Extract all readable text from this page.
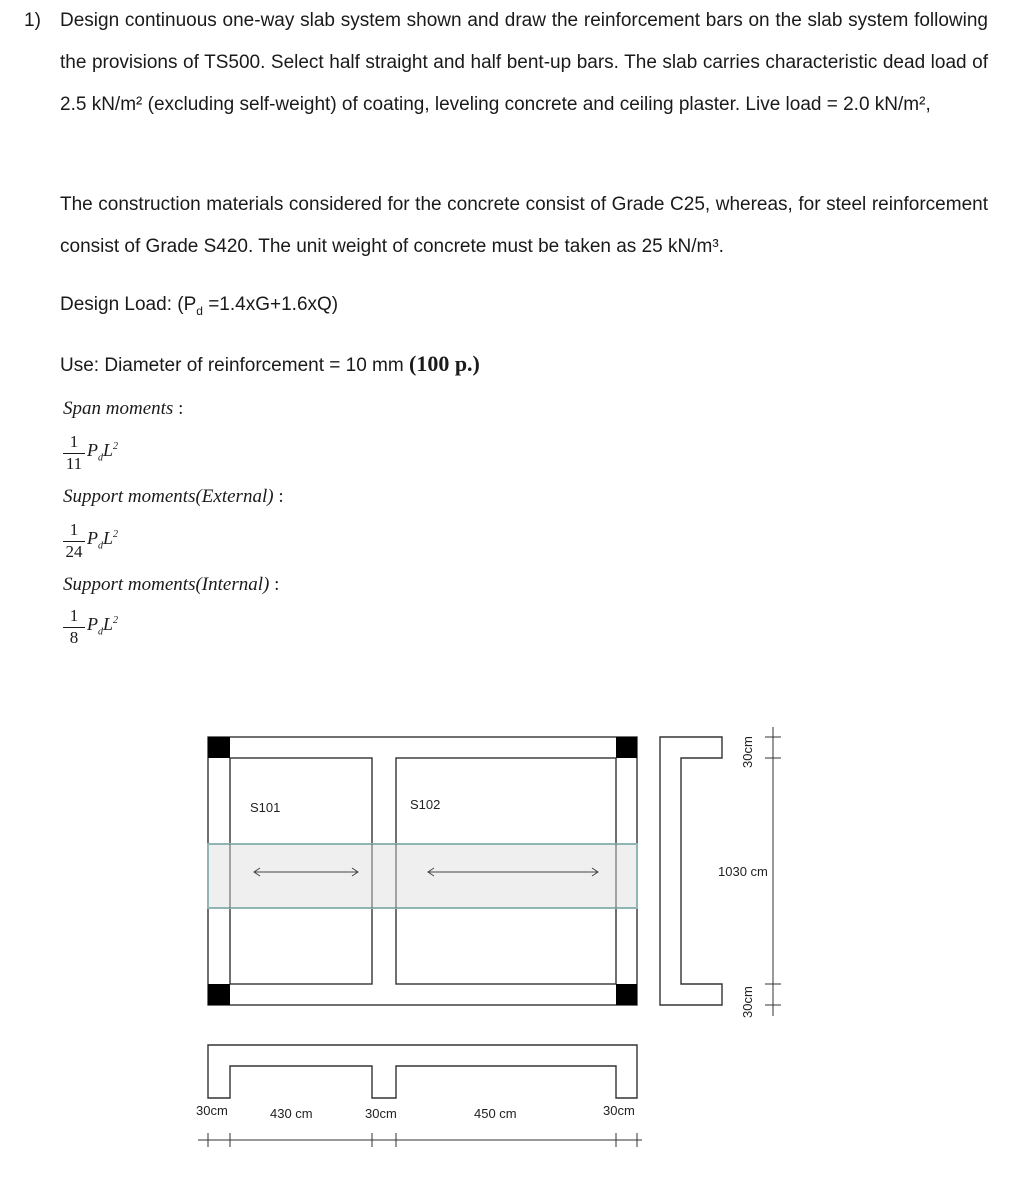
1) Design continuous one-way slab system shown and draw the reinforcement bars on the slab system following the provisions of TS500. Select half straight and half bent-up bars. The slab carries characteristic dead load of 2.5 kN/m² (excluding self-weight) of coating, leveling concrete and ceiling plaster. Live load = 2.0 kN/m²,
The construction materials considered for the concrete consist of Grade C25, whereas, for steel reinforcement consist of Grade S420. The unit weight of concrete must be taken as 25 kN/m³.
Design Load: $(P_d =1.4xG+1.6xQ)$
Use: Diameter of reinforcement = 10 mm (100 p.)
Span moments :
1
11
$P_dL^2$
Support moments(External) :
1
24
$P_dL^2$
Support moments(Internal) :
1
8
$P_dL^2$
S101	S102
30cm
30cm
1030 cm
30cm	430 cm	30cm	450 cm	30cm
